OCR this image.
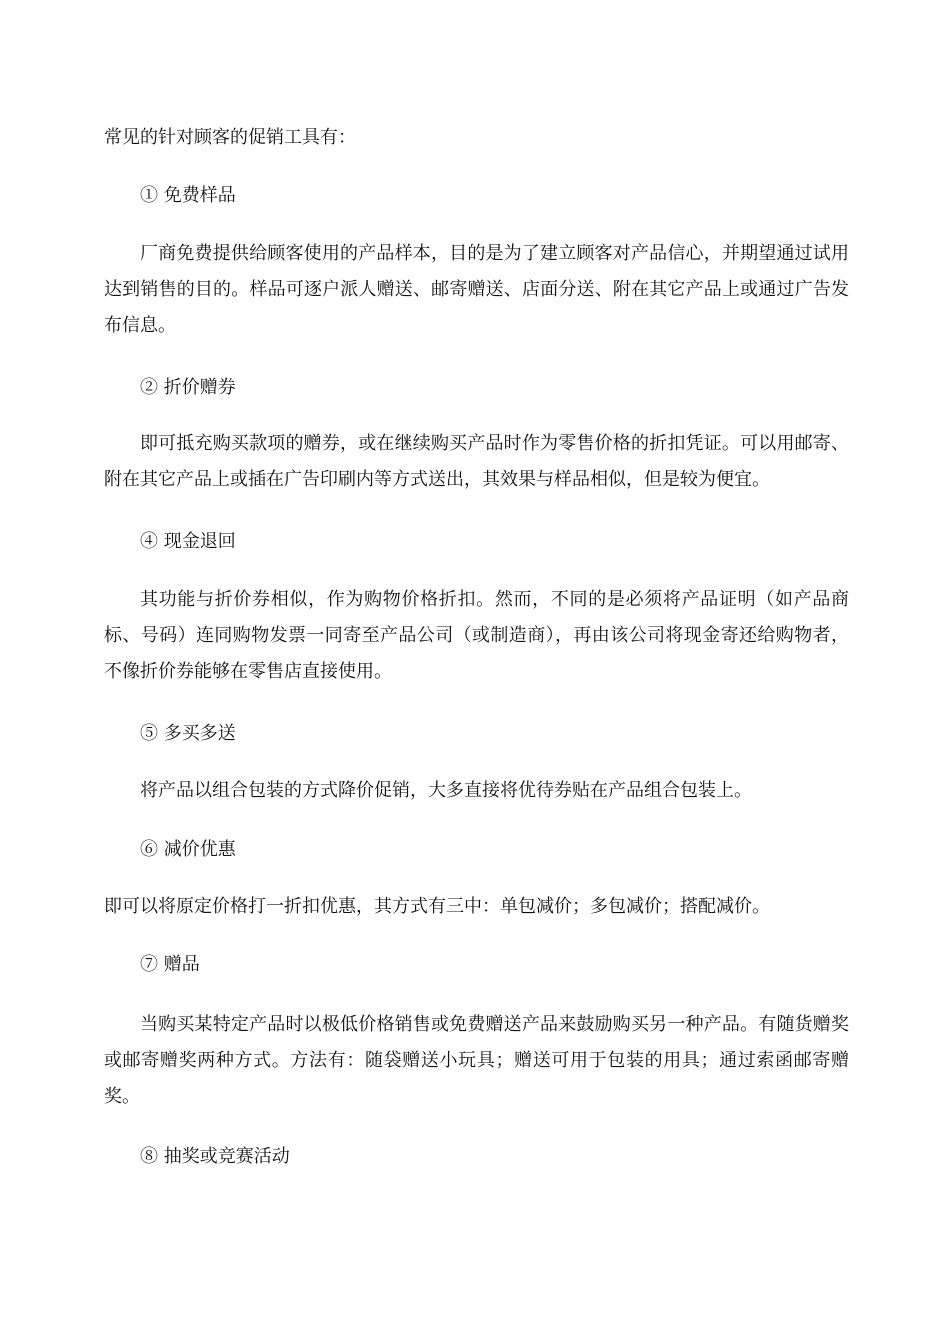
常见的针对顾客的促销工具有：
① 免费样品
厂商免费提供给顾客使用的产品样本，目的是为了建立顾客对产品信心，并期望通过试用达到销售的目的。样品可逐户派人赠送、邮寄赠送、店面分送、附在其它产品上或通过广告发布信息。
② 折价赠券
即可抵充购买款项的赠券，或在继续购买产品时作为零售价格的折扣凭证。可以用邮寄、附在其它产品上或插在广告印刷内等方式送出，其效果与样品相似，但是较为便宜。
④ 现金退回
其功能与折价券相似，作为购物价格折扣。然而，不同的是必须将产品证明（如产品商标、号码）连同购物发票一同寄至产品公司（或制造商），再由该公司将现金寄还给购物者，不像折价券能够在零售店直接使用。
⑤ 多买多送
将产品以组合包装的方式降价促销，大多直接将优待券贴在产品组合包装上。
⑥ 减价优惠
即可以将原定价格打一折扣优惠，其方式有三中：单包减价；多包减价；搭配减价。
⑦ 赠品
当购买某特定产品时以极低价格销售或免费赠送产品来鼓励购买另一种产品。有随货赠奖或邮寄赠奖两种方式。方法有：随袋赠送小玩具；赠送可用于包装的用具；通过索函邮寄赠奖。
⑧ 抽奖或竞赛活动
